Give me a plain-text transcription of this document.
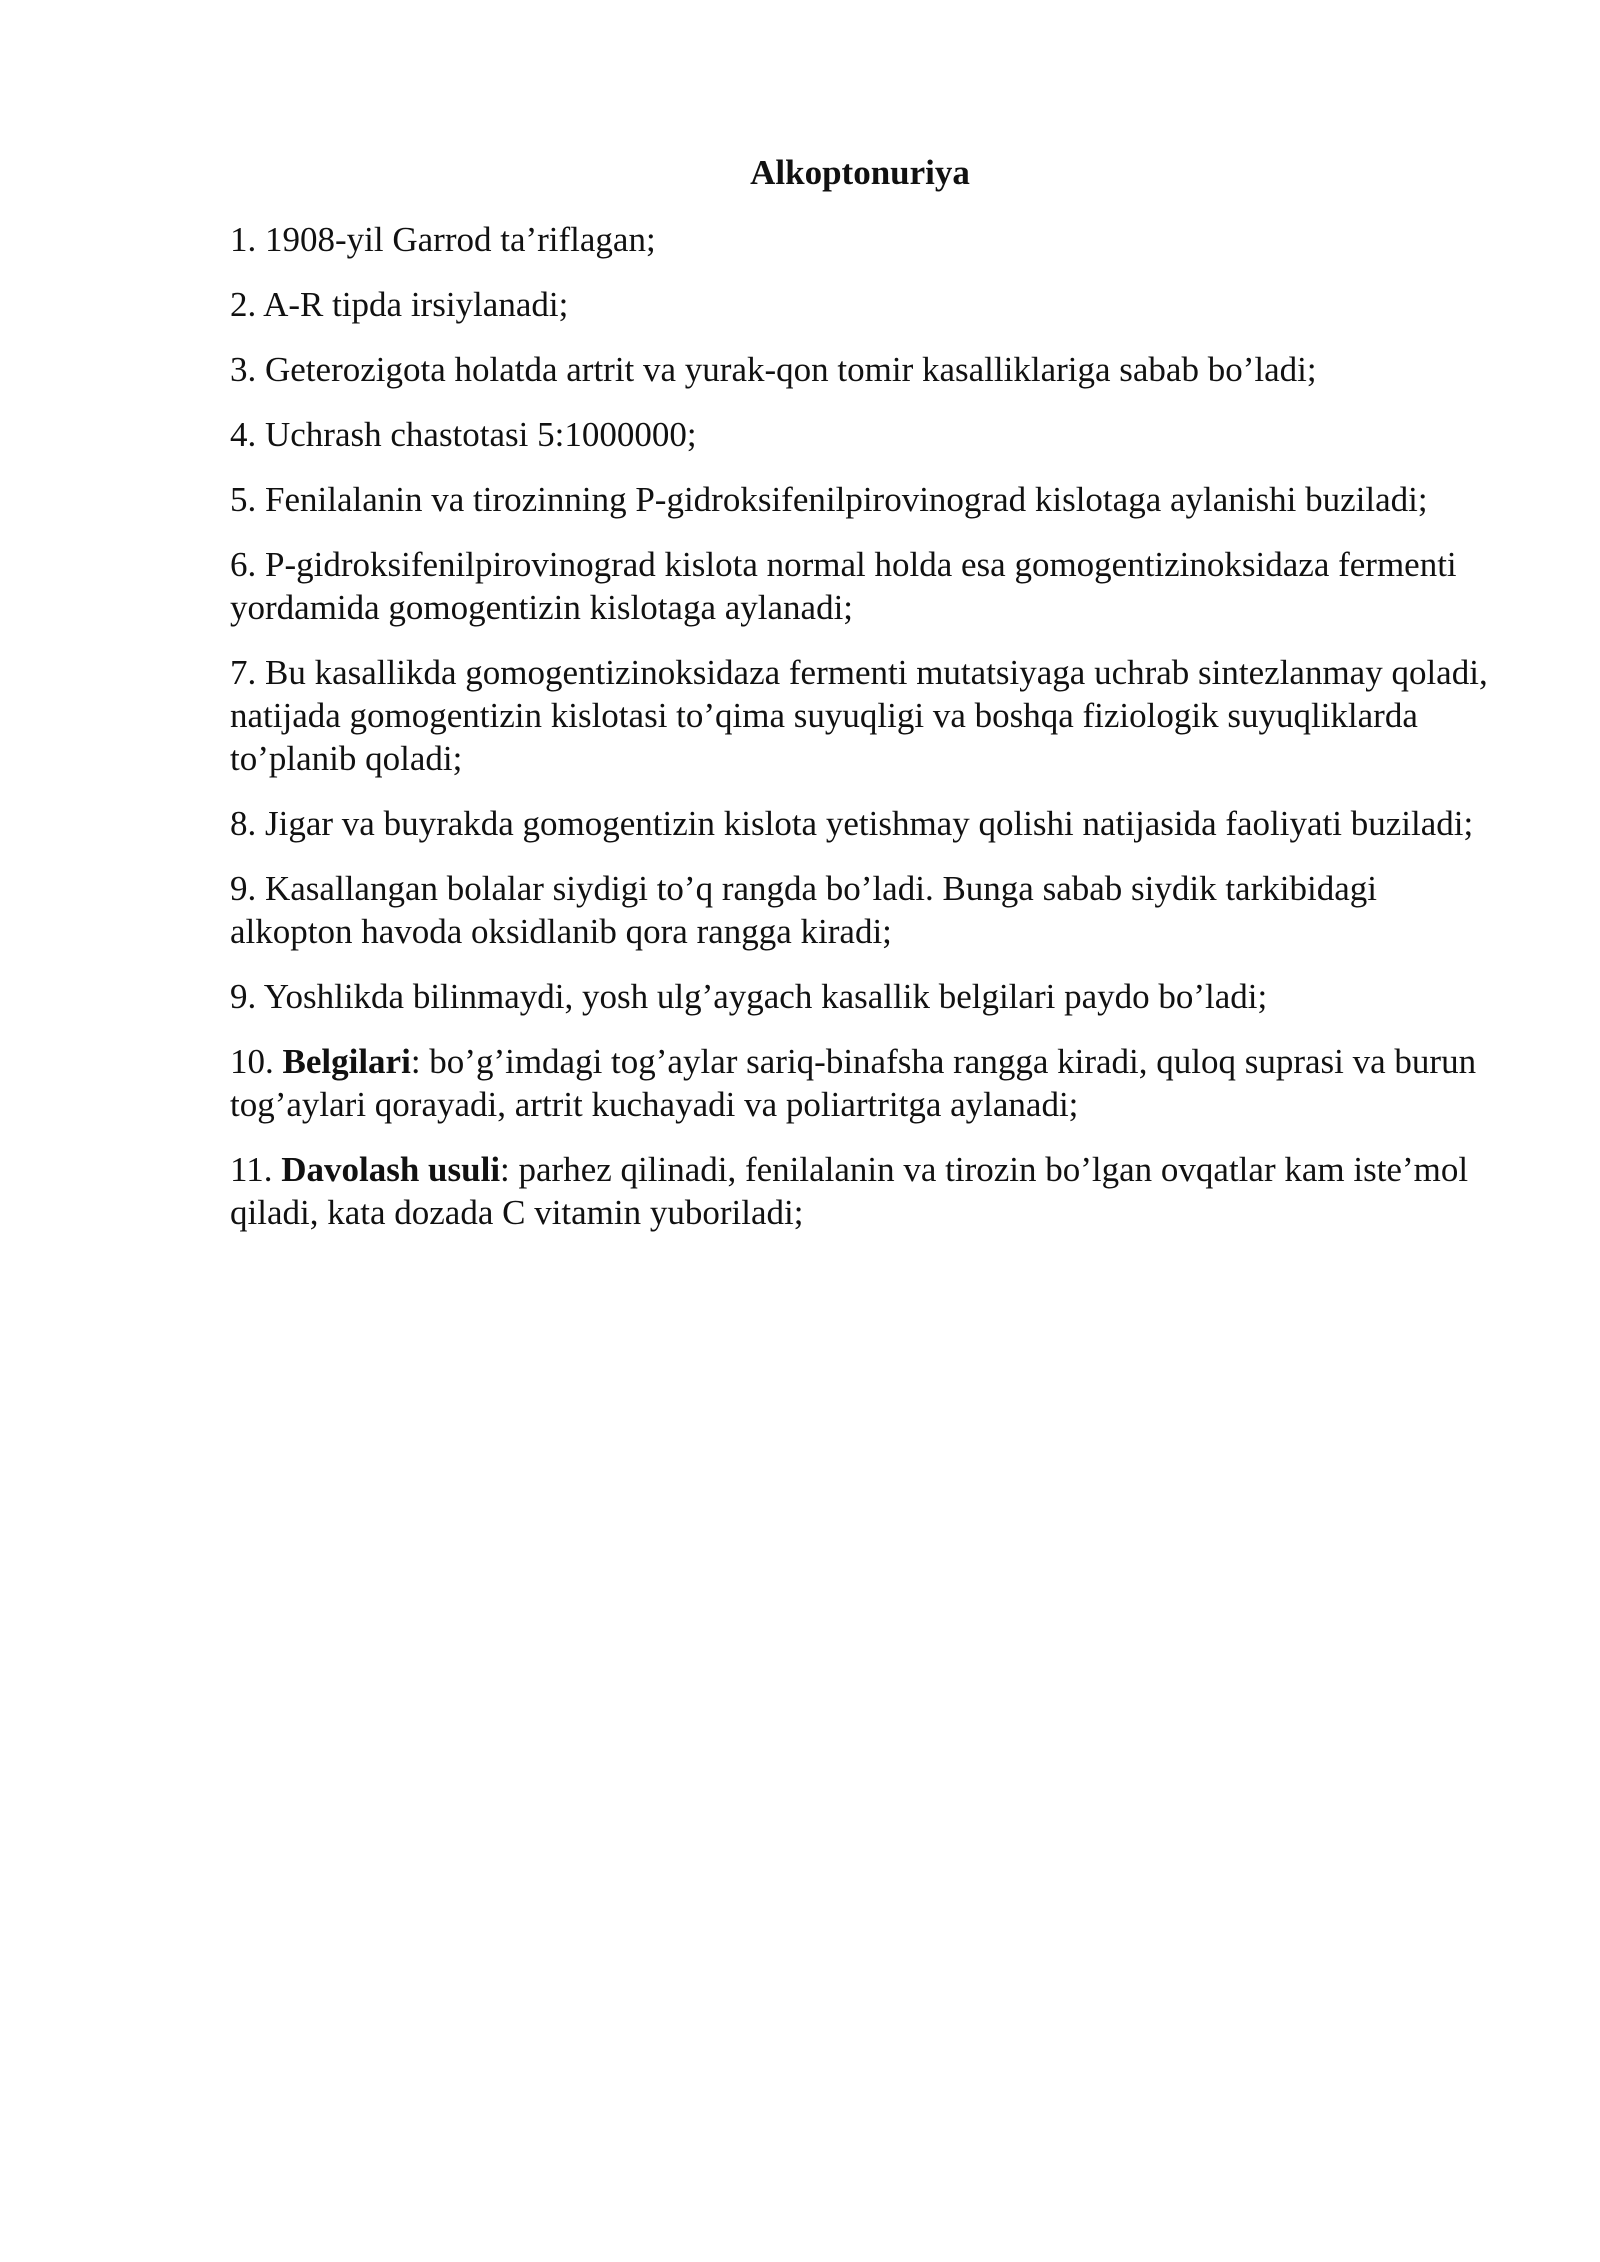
Alkoptonuriya
1. 1908-yil Garrod ta’riflagan;
2. A-R tipda irsiylanadi;
3. Geterozigota holatda artrit va yurak-qon tomir kasalliklariga sabab bo’ladi;
4. Uchrash chastotasi 5:1000000;
5. Fenilalanin va tirozinning P-gidroksifenilpirovinograd kislotaga aylanishi buziladi;
6. P-gidroksifenilpirovinograd kislota normal holda esa gomogentizinoksidaza fermenti yordamida gomogentizin kislotaga aylanadi;
7. Bu kasallikda gomogentizinoksidaza fermenti mutatsiyaga uchrab sintezlanmay qoladi, natijada gomogentizin kislotasi to’qima suyuqligi va boshqa fiziologik suyuqliklarda to’planib qoladi;
8. Jigar va buyrakda gomogentizin kislota yetishmay qolishi natijasida faoliyati buziladi;
9. Kasallangan bolalar siydigi to’q rangda bo’ladi. Bunga sabab siydik tarkibidagi alkopton havoda oksidlanib qora rangga kiradi;
9. Yoshlikda bilinmaydi, yosh ulg’aygach kasallik belgilari paydo bo’ladi;
10. Belgilari: bo’g’imdagi tog’aylar sariq-binafsha rangga kiradi, quloq suprasi va burun tog’aylari qorayadi, artrit kuchayadi va poliartritga aylanadi;
11. Davolash usuli: parhez qilinadi, fenilalanin va tirozin bo’lgan ovqatlar kam iste’mol qiladi, kata dozada C vitamin yuboriladi;
